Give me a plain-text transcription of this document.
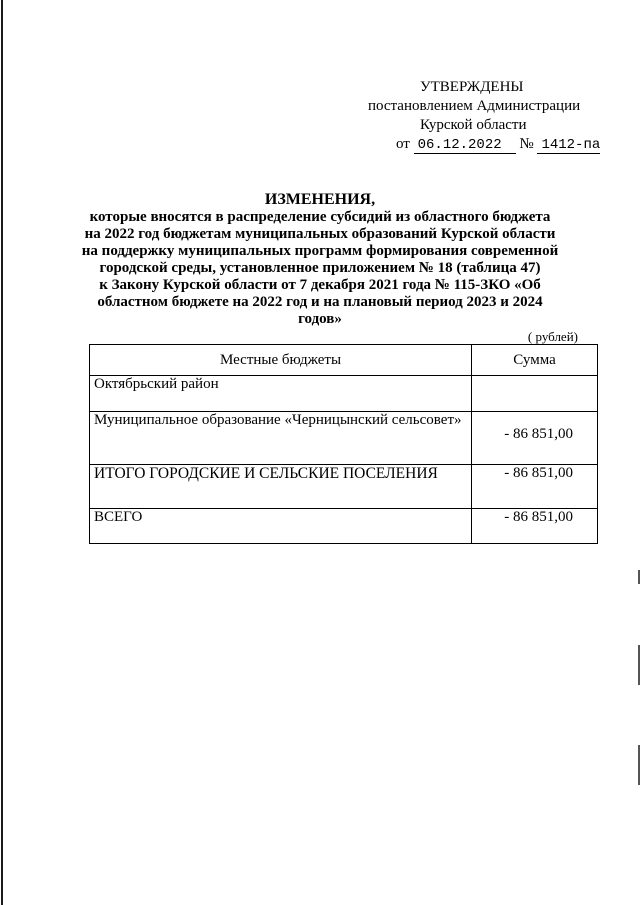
УТВЕРЖДЕНЫ
постановлением Администрации
Курской области
от 06.12.2022 № 1412-па
ИЗМЕНЕНИЯ,
которые вносятся в распределение субсидий из областного бюджета
на 2022 год бюджетам муниципальных образований Курской области
на поддержку муниципальных программ формирования современной
городской среды, установленное приложением № 18 (таблица 47)
к Закону Курской области от 7 декабря 2021 года № 115-ЗКО «Об
областном бюджете на 2022 год и на плановый период 2023 и 2024
годов»
( рублей)
Местные бюджеты	Сумма
Октябрьский район	
Муниципальное образование «Черницынский сельсовет»	- 86 851,00
ИТОГО ГОРОДСКИЕ И СЕЛЬСКИЕ ПОСЕЛЕНИЯ	- 86 851,00
ВСЕГО	- 86 851,00
